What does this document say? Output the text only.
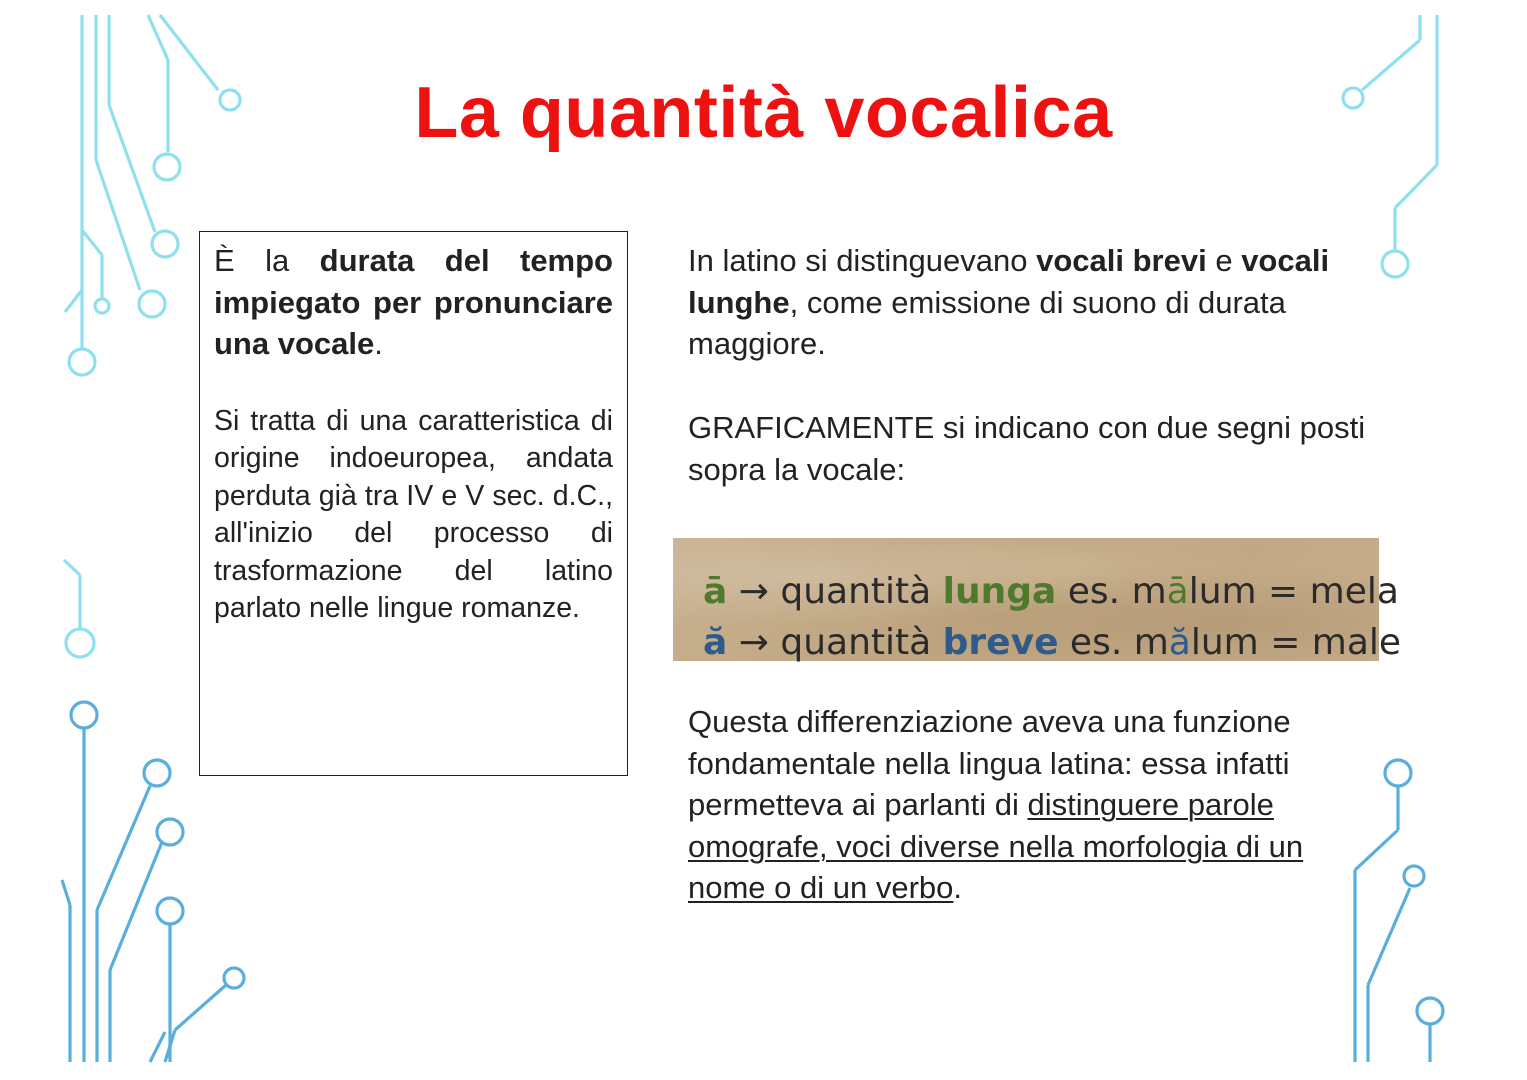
La quantità vocalica

È la durata del tempo impiegato per pronunciare una vocale.

Si tratta di una caratteristica di origine indoeuropea, andata perduta già tra IV e V sec. d.C., all'inizio del processo di trasformazione del latino parlato nelle lingue romanze.

In latino si distinguevano vocali brevi e vocali lunghe, come emissione di suono di durata maggiore.

GRAFICAMENTE si indicano con due segni posti sopra la vocale:

ā → quantità lunga es. mālum = mela
ă → quantità breve es. mălum = male

Questa differenziazione aveva una funzione fondamentale nella lingua latina: essa infatti permetteva ai parlanti di distinguere parole omografe, voci diverse nella morfologia di un nome o di un verbo.
